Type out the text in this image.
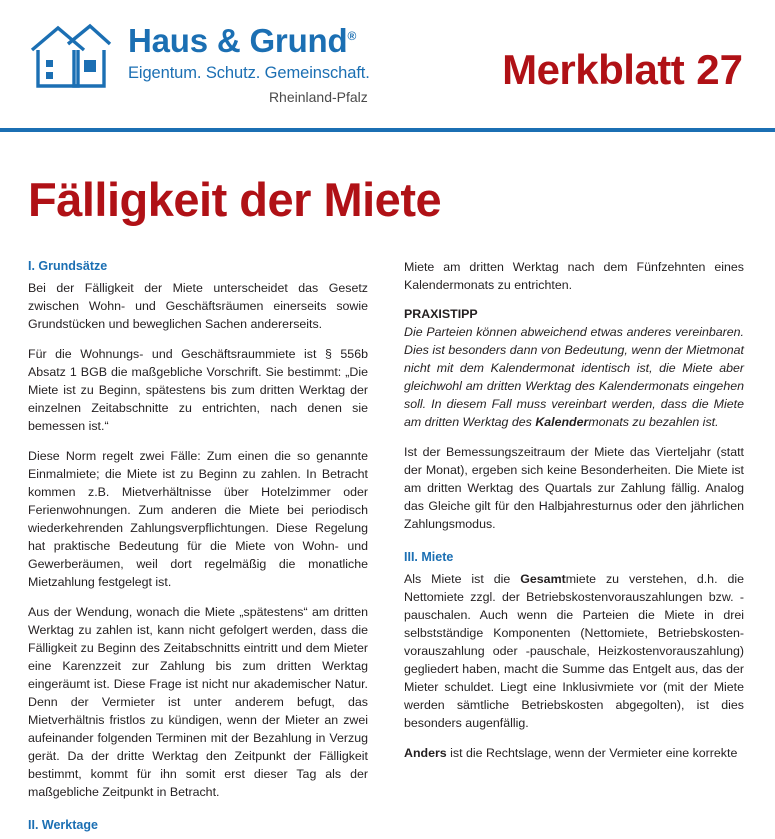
Haus & Grund®
Eigentum. Schutz. Gemeinschaft.
Rheinland-Pfalz
Merkblatt 27
Fälligkeit der Miete
I. Grundsätze

Bei der Fälligkeit der Miete unterscheidet das Gesetz zwischen Wohn- und Geschäftsräumen einerseits sowie Grundstücken und beweglichen Sachen andererseits.

Für die Wohnungs- und Geschäftsraummiete ist § 556b Absatz 1 BGB die maßgebliche Vorschrift. Sie bestimmt: „Die Miete ist zu Beginn, spätestens bis zum dritten Werktag der einzelnen Zeitabschnitte zu entrichten, nach denen sie bemessen ist.“

Diese Norm regelt zwei Fälle: Zum einen die so genannte Einmalmiete; die Miete ist zu Beginn zu zahlen. In Betracht kommen z.B. Mietverhältnisse über Hotelzimmer oder Ferienwohnungen. Zum anderen die Miete bei periodisch wiederkehrenden Zahlungsverpflichtungen. Diese Regelung hat praktische Bedeutung für die Miete von Wohn- und Gewerberäumen, weil dort regelmäßig die monatliche Mietzahlung festgelegt ist.

Aus der Wendung, wonach die Miete „spätestens“ am dritten Werktag zu zahlen ist, kann nicht gefolgert werden, dass die Fälligkeit zu Beginn des Zeitabschnitts eintritt und dem Mieter eine Karenzzeit zur Zahlung bis zum dritten Werktag eingeräumt ist. Diese Frage ist nicht nur akademischer Natur. Denn der Vermieter ist unter anderem befugt, das Mietverhältnis fristlos zu kündigen, wenn der Mieter an zwei aufeinander folgenden Terminen mit der Bezahlung in Verzug gerät. Da der dritte Werktag den Zeitpunkt der Fälligkeit bestimmt, kommt für ihn somit erst dieser Tag als der maßgebliche Zeitpunkt in Betracht.

II. Werktage

Miete am dritten Werktag nach dem Fünfzehnten eines Kalendermonats zu entrichten.

PRAXISTIPP

Die Parteien können abweichend etwas anderes vereinbaren. Dies ist besonders dann von Bedeutung, wenn der Mietmonat nicht mit dem Kalendermonat identisch ist, die Miete aber gleichwohl am dritten Werktag des Kalendermonats eingehen soll. In diesem Fall muss vereinbart werden, dass die Miete am dritten Werktag des Kalendermonats zu bezahlen ist.

Ist der Bemessungszeitraum der Miete das Vierteljahr (statt der Monat), ergeben sich keine Besonderheiten. Die Miete ist am dritten Werktag des Quartals zur Zahlung fällig. Analog das Gleiche gilt für den Halbjahresturnus oder den jährlichen Zahlungsmodus.

III. Miete

Als Miete ist die Gesamtmiete zu verstehen, d.h. die Nettomiete zzgl. der Betriebskostenvorauszahlungen bzw. -pauschalen. Auch wenn die Parteien die Miete in drei selbstständige Komponenten (Nettomiete, Betriebskosten-vorauszahlung oder -pauschale, Heizkostenvorauszahlung) gegliedert haben, macht die Summe das Entgelt aus, das der Mieter schuldet. Liegt eine Inklusivmiete vor (mit der Miete werden sämtliche Betriebskosten abgegolten), ist dies besonders augenfällig.

Anders ist die Rechtslage, wenn der Vermieter eine korrekte
